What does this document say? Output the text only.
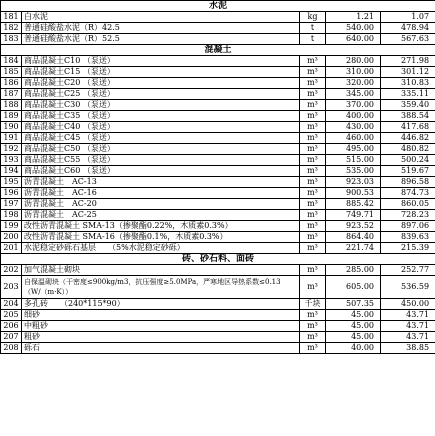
水泥				
181	白水泥	kg	1.21	1.07
182	普通硅酸盐水泥（R）42.5	t	540.00	478.94
183	普通硅酸盐水泥（R）52.5	t	640.00	567.63
混凝土				
184	商品混凝土C10 （泵送）	m³	280.00	271.98
185	商品混凝土C15 （泵送）	m³	310.00	301.12
186	商品混凝土C20 （泵送）	m³	320.00	310.83
187	商品混凝土C25 （泵送）	m³	345.00	335.11
188	商品混凝土C30 （泵送）	m³	370.00	359.40
189	商品混凝土C35 （泵送）	m³	400.00	388.54
190	商品混凝土C40 （泵送）	m³	430.00	417.68
191	商品混凝土C45 （泵送）	m³	460.00	446.82
192	商品混凝土C50 （泵送）	m³	495.00	480.82
193	商品混凝土C55 （泵送）	m³	515.00	500.24
194	商品混凝土C60 （泵送）	m³	535.00	519.67
195	沥青混凝土　AC-13	m³	923.03	896.58
196	沥青混凝土　AC-16	m³	900.53	874.73
197	沥青混凝土　AC-20	m³	885.42	860.05
198	沥青混凝土　AC-25	m³	749.71	728.23
199	改性沥青混凝土 SMA-13（掺聚酯0.22%，木质素0.3%）	m³	923.52	897.06
200	改性沥青混凝土 SMA-16（掺聚酯0.1%，木质素0.3%）	m³	864.40	839.63
201	水泥稳定砂砾石基层　　（5%水泥稳定砂砾）	m³	221.74	215.39
砖、砂石料、面砖				
202	加气混凝土砌块	m³	285.00	252.77
203	自保温砌块（干密度≤900kg/m3，抗压强度≥5.0MPa，严寒地区导热系数≤0.13（W/（m·K））	m³	605.00	536.59
204	多孔砖　　（240*115*90）	千块	507.35	450.00
205	细砂	m³	45.00	43.71
206	中粗砂	m³	45.00	43.71
207	粗砂	m³	45.00	43.71
208	砾石	m³	40.00	38.85
